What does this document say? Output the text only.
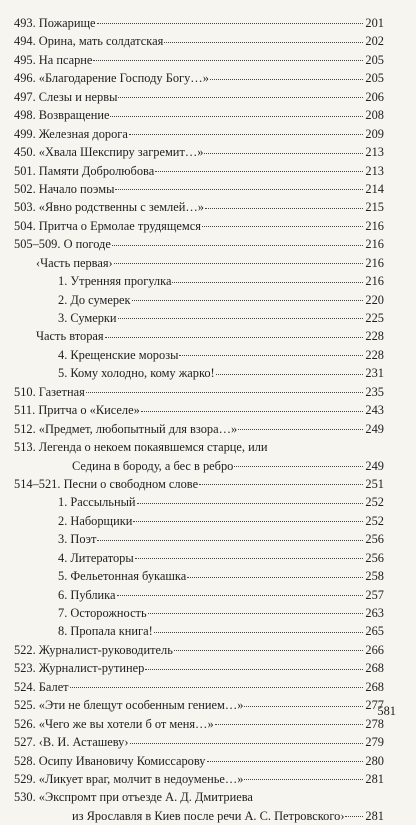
493. Пожарище	201
494. Орина, мать солдатская	202
495. На псарне	205
496. «Благодарение Господу Богу…»	205
497. Слезы и нервы	206
498. Возвращение	208
499. Железная дорога	209
450. «Хвала Шекспиру загремит…»	213
501. Памяти Добролюбова	213
502. Начало поэмы	214
503. «Явно родственны с землей…»	215
504. Притча о Ермолае трудящемся	216
505–509. О погоде	216
‹Часть первая›	216
1. Утренняя прогулка	216
2. До сумерек	220
3. Сумерки	225
Часть вторая	228
4. Крещенские морозы	228
5. Кому холодно, кому жарко!	231
510. Газетная	235
511. Притча о «Киселе»	243
512. «Предмет, любопытный для взора…»	249
513. Легенда о некоем покаявшемся старце, или
Седина в бороду, а бес в ребро	249
514–521. Песни о свободном слове	251
1. Рассыльный	252
2. Наборщики	252
3. Поэт	256
4. Литераторы	256
5. Фельетонная букашка	258
6. Публика	257
7. Осторожность	263
8. Пропала книга!	265
522. Журналист-руководитель	266
523. Журналист-рутинер	268
524. Балет	268
525. «Эти не блещут особенным гением…»	277
526. «Чего же вы хотели б от меня…»	278
527. ‹В. И. Асташеву›	279
528. Осипу Ивановичу Комиссарову	280
529. «Ликует враг, молчит в недоуменье…»	281
530. «Экспромт при отъезде А. Д. Дмитриева
из Ярославля в Киев после речи А. С. Петровского› 281
581
